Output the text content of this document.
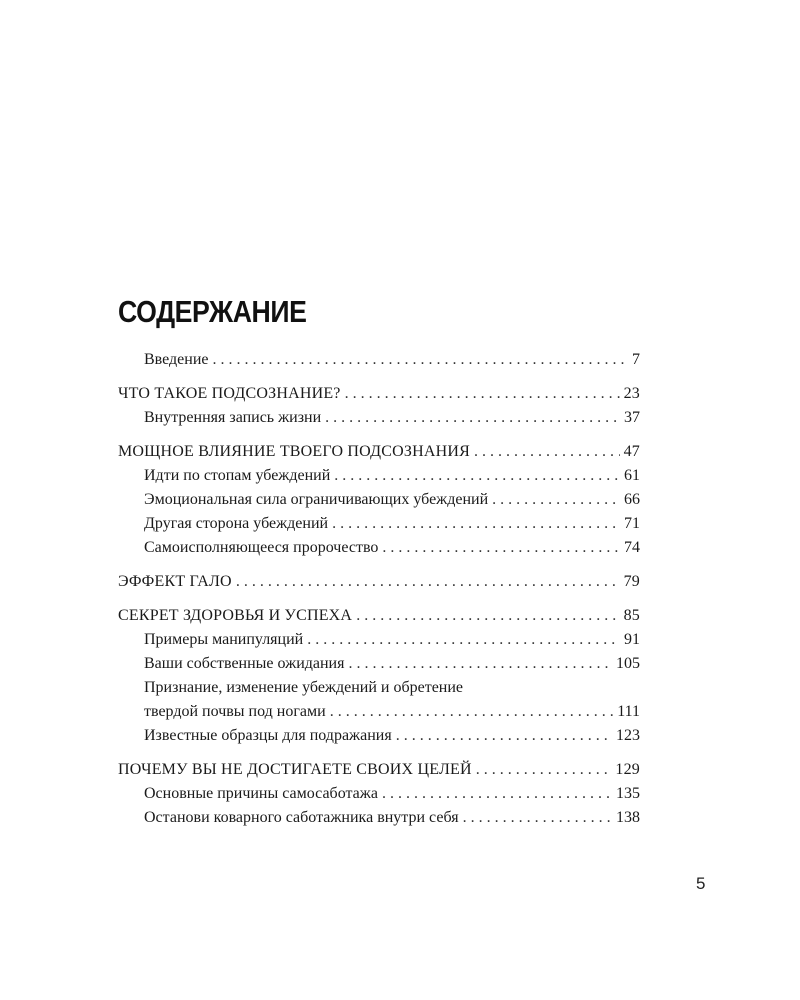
СОДЕРЖАНИЕ
Введение . . .	7
ЧТО ТАКОЕ ПОДСОЗНАНИЕ? . . .	23
Внутренняя запись жизни . . .	37
МОЩНОЕ ВЛИЯНИЕ ТВОЕГО ПОДСОЗНАНИЯ . . .	47
Идти по стопам убеждений . . .	61
Эмоциональная сила ограничивающих убеждений . . .	66
Другая сторона убеждений . . .	71
Самоисполняющееся пророчество . . .	74
ЭФФЕКТ ГАЛО . . .	79
СЕКРЕТ ЗДОРОВЬЯ И УСПЕХА . . .	85
Примеры манипуляций . . .	91
Ваши собственные ожидания . . .	105
Признание, изменение убеждений и обретение
твердой почвы под ногами . . .	111
Известные образцы для подражания . . .	123
ПОЧЕМУ ВЫ НЕ ДОСТИГАЕТЕ СВОИХ ЦЕЛЕЙ . . .	129
Основные причины самосаботажа . . .	135
Останови коварного саботажника внутри себя . . .	138
5
